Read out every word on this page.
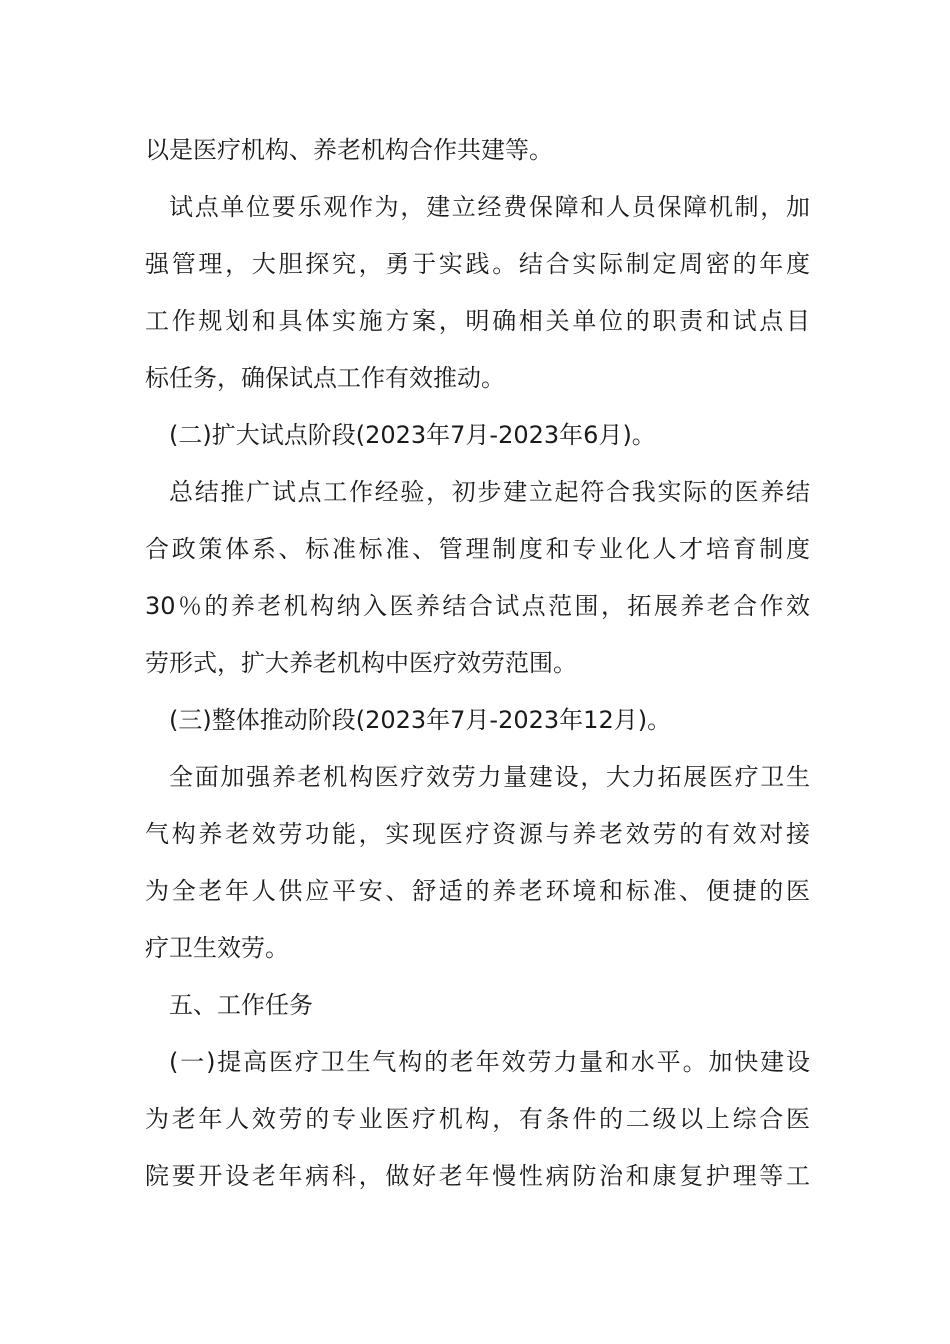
以是医疗机构、养老机构合作共建等。
试点单位要乐观作为，建立经费保障和人员保障机制，加
强管理，大胆探究，勇于实践。结合实际制定周密的年度
工作规划和具体实施方案，明确相关单位的职责和试点目
标任务，确保试点工作有效推动。
(二)扩大试点阶段(2023年7月-2023年6月)。
总结推广试点工作经验，初步建立起符合我实际的医养结
合政策体系、标准标准、管理制度和专业化人才培育制度
30％的养老机构纳入医养结合试点范围，拓展养老合作效
劳形式，扩大养老机构中医疗效劳范围。
(三)整体推动阶段(2023年7月-2023年12月)。
全面加强养老机构医疗效劳力量建设，大力拓展医疗卫生
气构养老效劳功能，实现医疗资源与养老效劳的有效对接
为全老年人供应平安、舒适的养老环境和标准、便捷的医
疗卫生效劳。
五、工作任务
(一)提高医疗卫生气构的老年效劳力量和水平。加快建设
为老年人效劳的专业医疗机构，有条件的二级以上综合医
院要开设老年病科，做好老年慢性病防治和康复护理等工
